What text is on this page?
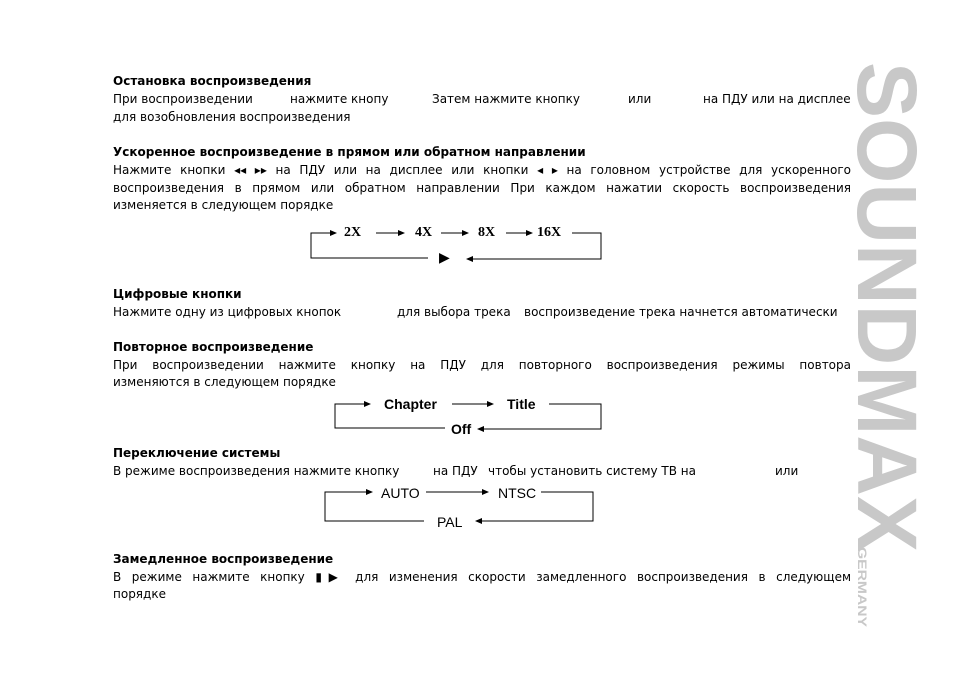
SOUNDMAX
GERMANY
Остановка воспроизведения
При воспроизведении	нажмите кнопу	Затем нажмите кнопку	или	на ПДУ или на дисплее
для возобновления воспроизведения
Ускоренное воспроизведение в прямом или обратном направлении
Нажмите кнопки ◂◂ ▸▸ на ПДУ или на дисплее или кнопки ◂ ▸ на головном устройстве для ускоренного
воспроизведения в прямом или обратном направлении При каждом нажатии скорость воспроизведения
изменяется в следующем порядке
2X	4X	8X	16X
▶
Цифровые кнопки
Нажмите одну из цифровых кнопок	для выбора трека воспроизведение трека начнется автоматически
Повторное воспроизведение
При воспроизведении нажмите кнопку на ПДУ для повторного воспроизведения режимы повтора
изменяются в следующем порядке
Chapter	Title
Off
Переключение системы
В режиме воспроизведения нажмите кнопку	на ПДУ чтобы установить систему ТВ на	или
AUTO	NTSC
PAL
Замедленное воспроизведение
В режиме нажмите кнопку ▮▶ для изменения скорости замедленного воспроизведения в следующем
порядке
